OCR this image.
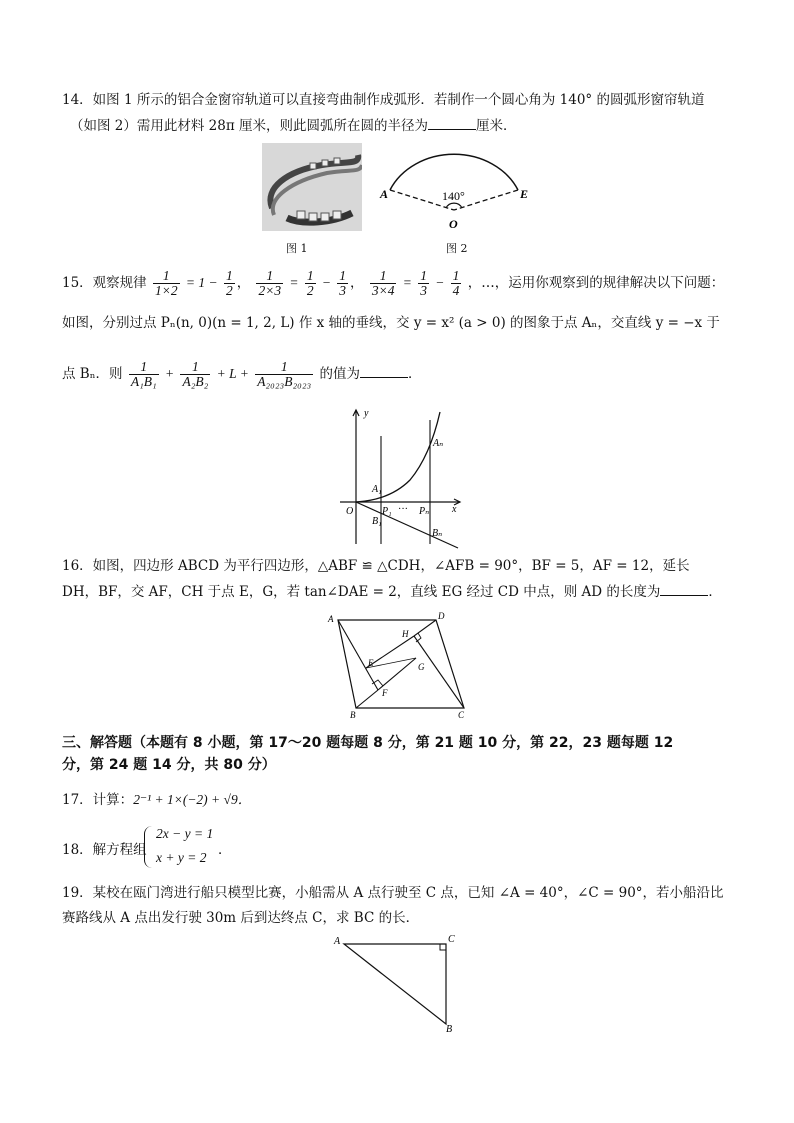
14．如图 1 所示的铝合金窗帘轨道可以直接弯曲制作成弧形．若制作一个圆心角为 140° 的圆弧形窗帘轨道
（如图 2）需用此材料 28π 厘米，则此圆弧所在圆的半径为	厘米．
图 1
140°
A	E
O
图 2
15．观察规律 $\frac{1}{1\times 2} = 1 - \frac{1}{2}$ ， $\frac{1}{2\times 3} = \frac{1}{2} - \frac{1}{3}$ ， $\frac{1}{3\times 4} = \frac{1}{3} - \frac{1}{4}$ ，…，运用你观察到的规律解决以下问题：
如图，分别过点 Pₙ(n, 0)(n = 1, 2, L) 作 x 轴的垂线，交 y = x² (a > 0) 的图象于点 Aₙ，交直线 y = −x 于
点 Bₙ．则 $\frac{1}{\text{A₁B₁}} + \frac{1}{\text{A₂B₂}} + L + \frac{1}{\text{A₂₀₂₃B₂₀₂₃}}$ 的值为	．
y
x
O
A₁
B₁
P₁ ···
Aₙ
Pₙ
Bₙ
16．如图，四边形 ABCD 为平行四边形，△ABF ≌ △CDH，∠AFB = 90°，BF = 5，AF = 12，延长
DH，BF，交 AF，CH 于点 E，G，若 tan∠DAE = 2，直线 EG 经过 CD 中点，则 AD 的长度为	．
A	D
B	C
E
F
G
H
三、解答题（本题有 8 小题，第 17～20 题每题 8 分，第 21 题 10 分，第 22，23 题每题 12
分，第 24 题 14 分，共 80 分）
17．计算：2⁻¹ + 1×(−2) + √9．
18．解方程组
2x − y = 1
x + y = 2 ．
19．某校在瓯门湾进行船只模型比赛，小船需从 A 点行驶至 C 点，已知 ∠A = 40°，∠C = 90°，若小船沿比
赛路线从 A 点出发行驶 30m 后到达终点 C，求 BC 的长．
A	C
B
